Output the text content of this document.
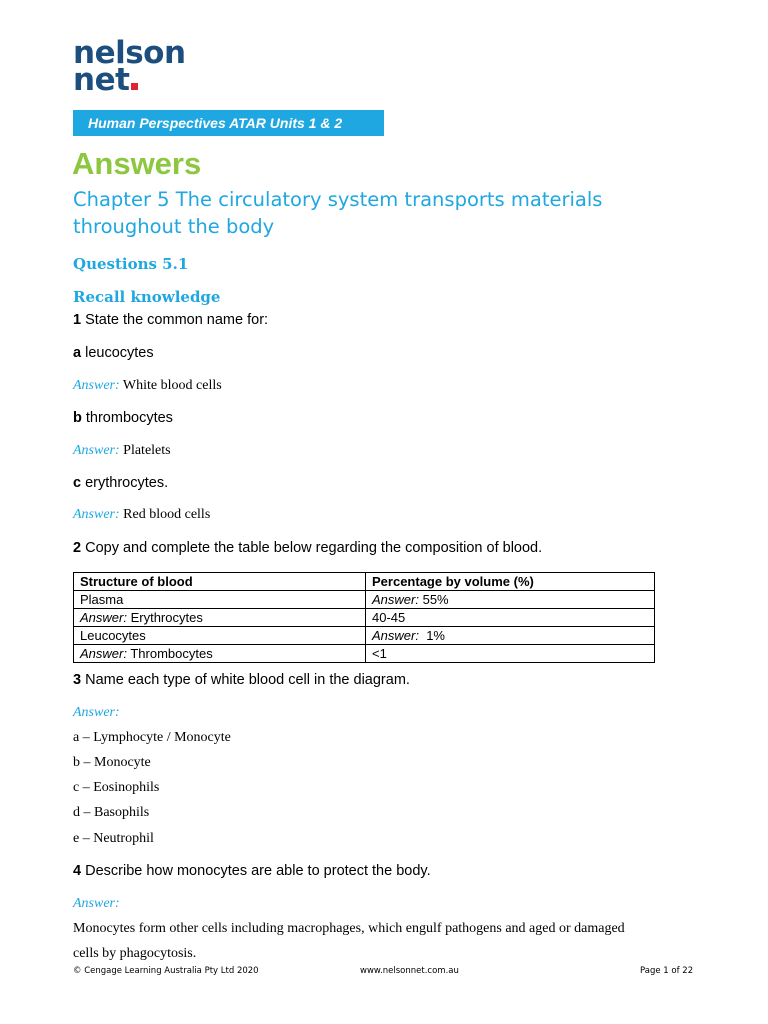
nelson
net
Human Perspectives ATAR Units 1 & 2
Answers
Chapter 5 The circulatory system transports materials throughout the body
Questions 5.1
Recall knowledge
1 State the common name for:
a leucocytes
Answer: White blood cells
b thrombocytes
Answer: Platelets
c erythrocytes.
Answer: Red blood cells
2 Copy and complete the table below regarding the composition of blood.
Structure of blood	Percentage by volume (%)
Plasma	Answer: 55%
Answer: Erythrocytes	40-45
Leucocytes	Answer: 1%
Answer: Thrombocytes	<1
3 Name each type of white blood cell in the diagram.
Answer:
a – Lymphocyte / Monocyte
b – Monocyte
c – Eosinophils
d – Basophils
e – Neutrophil
4 Describe how monocytes are able to protect the body.
Answer:
Monocytes form other cells including macrophages, which engulf pathogens and aged or damaged
cells by phagocytosis.
© Cengage Learning Australia Pty Ltd 2020	www.nelsonnet.com.au	Page 1 of 22
